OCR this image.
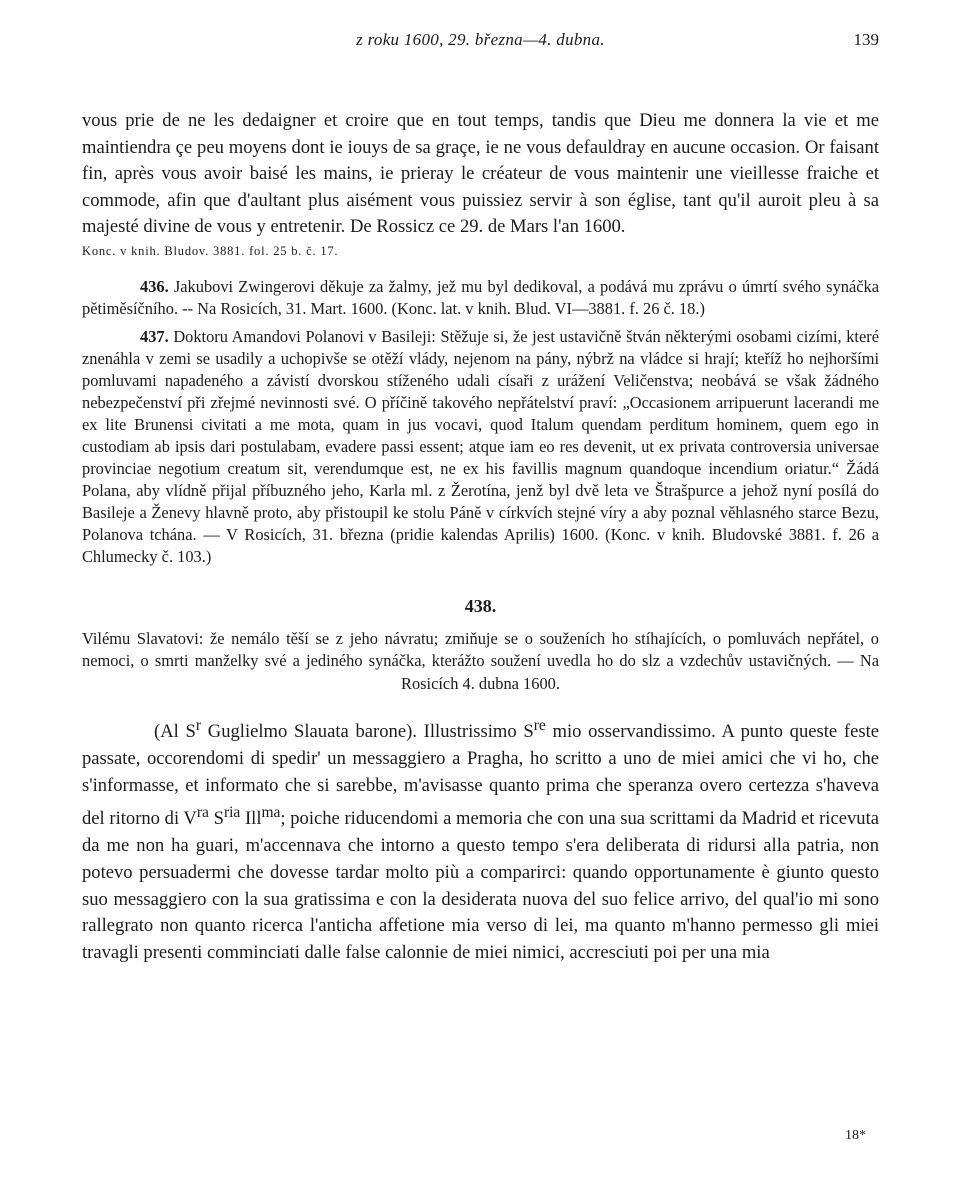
z roku 1600, 29. března—4. dubna.	139

vous prie de ne les dedaigner et croire que en tout temps, tandis que Dieu me donnera la vie et me maintiendra çe peu moyens dont ie iouys de sa graçe, ie ne vous defauldray en aucune occasion. Or faisant fin, après vous avoir baisé les mains, ie prieray le créateur de vous maintenir une vieillesse fraiche et commode, afin que d'aultant plus aisément vous puissiez servir à son église, tant qu'il auroit pleu à sa majesté divine de vous y entretenir. De Rossicz ce 29. de Mars l'an 1600.

Konc. v knih. Bludov. 3881. fol. 25 b. č. 17.

436. Jakubovi Zwingerovi děkuje za žalmy, jež mu byl dedikoval, a podává mu zprávu o úmrtí svého synáčka pětiměsíčního. -- Na Rosicích, 31. Mart. 1600. (Konc. lat. v knih. Blud. VI—3881. f. 26 č. 18.)

437. Doktoru Amandovi Polanovi v Basileji: Stěžuje si, že jest ustavičně štván některými osobami cizími, které znenáhla v zemi se usadily a uchopivše se otěží vlády, nejenom na pány, nýbrž na vládce si hrají; kteříž ho nejhoršími pomluvami napadeného a závistí dvorskou stíženého udali císaři z urážení Veličenstva; neobává se však žádného nebezpečenství při zřejmé nevinnosti své. O příčině takového nepřátelství praví: „Occasionem arripuerunt lacerandi me ex lite Brunensi civitati a me mota, quam in jus vocavi, quod Italum quendam perditum hominem, quem ego in custodiam ab ipsis dari postulabam, evadere passi essent; atque iam eo res devenit, ut ex privata controversia universae provinciae negotium creatum sit, verendumque est, ne ex his favillis magnum quandoque incendium oriatur.“ Žádá Polana, aby vlídně přijal příbuzného jeho, Karla ml. z Žerotína, jenž byl dvě leta ve Štrašpurce a jehož nyní posílá do Basileje a Ženevy hlavně proto, aby přistoupil ke stolu Páně v církvích stejné víry a aby poznal věhlasného starce Bezu, Polanova tchána. — V Rosicích, 31. března (pridie kalendas Aprilis) 1600. (Konc. v knih. Bludovské 3881. f. 26 a Chlumecky č. 103.)

438.

Vilému Slavatovi: že nemálo těší se z jeho návratu; zmiňuje se o souženích ho stíhajících, o pomluvách nepřátel, o nemoci, o smrti manželky své a jediného synáčka, kterážto soužení uvedla ho do slz a vzdechův ustavičných. — Na Rosicích 4. dubna 1600.

(Al $S^r$ Guglielmo Slauata barone). Illustrissimo $S^{re}$ mio osservandissimo. A punto queste feste passate, occorendomi di spedir' un messaggiero a Pragha, ho scritto a uno de miei amici che vi ho, che s'informasse, et informato che si sarebbe, m'avisasse quanto prima che speranza overo certezza s'haveva del ritorno di $V^{ra}$ $S^{ria}$ Ill$^{ma}$; poiche riducendomi a memoria che con una sua scrittami da Madrid et ricevuta da me non ha guari, m'accennava che intorno a questo tempo s'era deliberata di ridursi alla patria, non potevo persuadermi che dovesse tardar molto più a comparirci: quando opportunamente è giunto questo suo messaggiero con la sua gratissima e con la desiderata nuova del suo felice arrivo, del qual'io mi sono rallegrato non quanto ricerca l'anticha affetione mia verso di lei, ma quanto m'hanno permesso gli miei travagli presenti comminciati dalle false calonnie de miei nimici, accresciuti poi per una mia

18*
